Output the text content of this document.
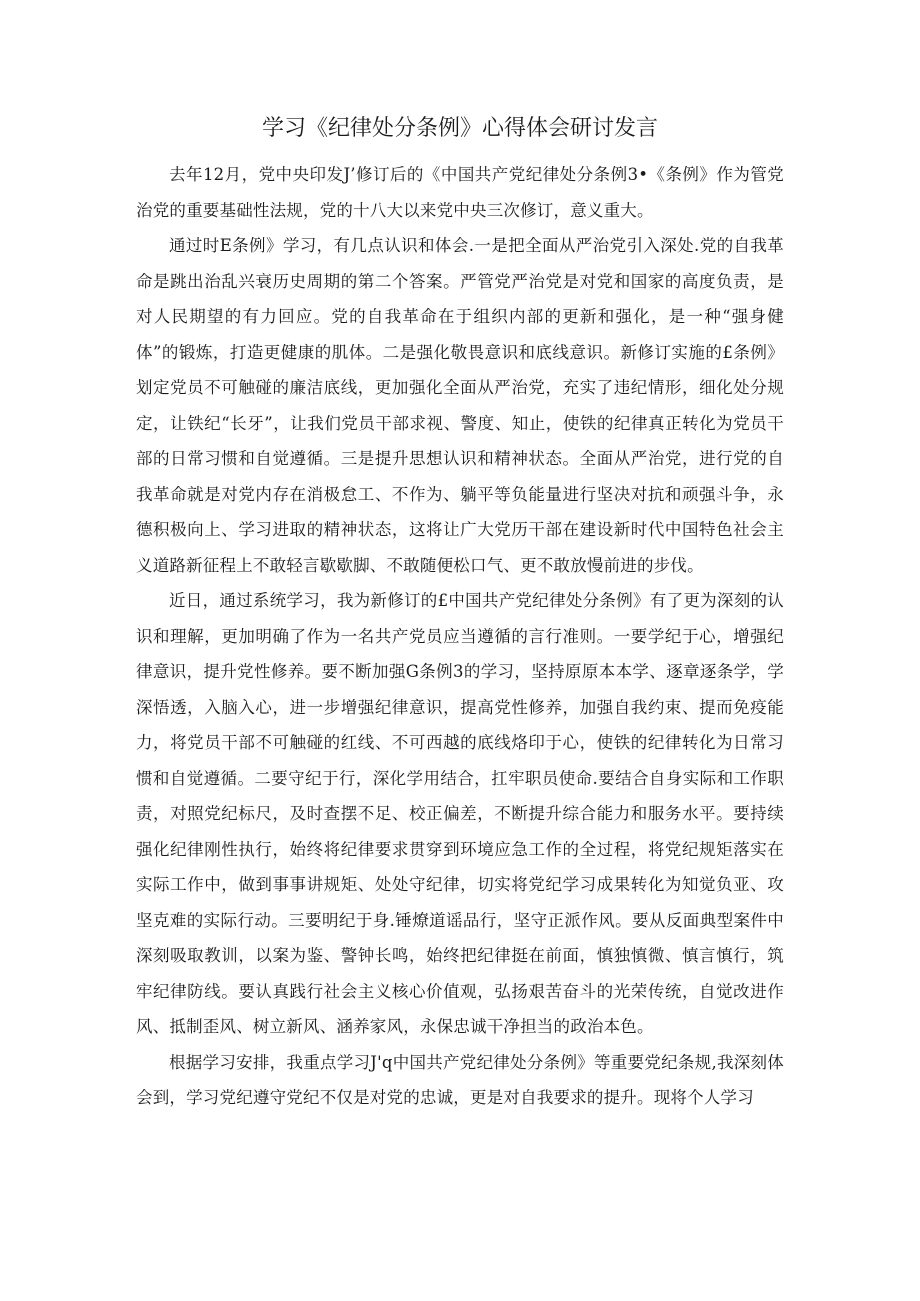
学习《纪律处分条例》心得体会研讨发言

去年12月，党中央印发J’修订后的《中国共产党纪律处分条例3•《条例》作为管党治党的重要基础性法规，党的十八大以来党中央三次修订，意义重大。

通过时E条例》学习，有几点认识和体会.一是把全面从严治党引入深处.党的自我革命是跳出治乱兴衰历史周期的第二个答案。严管党严治党是对党和国家的高度负责，是对人民期望的有力回应。党的自我革命在于组织内部的更新和强化，是一种“强身健体”的锻炼，打造更健康的肌体。二是强化敬畏意识和底线意识。新修订实施的£条例》划定党员不可触碰的廉洁底线，更加强化全面从严治党，充实了违纪情形，细化处分规定，让铁纪“长牙”，让我们党员干部求视、警度、知止，使铁的纪律真正转化为党员干部的日常习惯和自觉遵循。三是提升思想认识和精神状态。全面从严治党，进行党的自我革命就是对党内存在消极怠工、不作为、躺平等负能量进行坚决对抗和顽强斗争，永德积极向上、学习进取的精神状态，这将让广大党历干部在建设新时代中国特色社会主义道路新征程上不敢轻言歇歇脚、不敢随便松口气、更不敢放慢前进的步伐。

近日，通过系统学习，我为新修订的£中国共产党纪律处分条例》有了更为深刻的认识和理解，更加明确了作为一名共产党员应当遵循的言行准则。一要学纪于心，增强纪律意识，提升党性修养。要不断加强G条例3的学习，坚持原原本本学、逐章逐条学，学深悟透，入脑入心，进一步增强纪律意识，提高党性修养，加强自我约束、提而免疫能力，将党员干部不可触碰的红线、不可西越的底线烙印于心，使铁的纪律转化为日常习惯和自觉遵循。二要守纪于行，深化学用结合，扛牢职员使命.要结合自身实际和工作职责，对照党纪标尺，及时查摆不足、校正偏差，不断提升综合能力和服务水平。要持续强化纪律刚性执行，始终将纪律要求贯穿到环境应急工作的全过程，将党纪规矩落实在实际工作中，做到事事讲规矩、处处守纪律，切实将党纪学习成果转化为知觉负亚、攻坚克难的实际行动。三要明纪于身.锤燎道谣品行，坚守正派作风。要从反面典型案件中深刻吸取教训，以案为鉴、警钟长鸣，始终把纪律挺在前面，慎独慎微、慎言慎行，筑牢纪律防线。要认真践行社会主义核心价值观，弘扬艰苦奋斗的光荣传统，自觉改进作风、抵制歪风、树立新风、涵养家风，永保忠诚干净担当的政治本色。

根据学习安排，我重点学习J'q中国共产党纪律处分条例》等重要党纪条规,我深刻体会到，学习党纪遵守党纪不仅是对党的忠诚，更是对自我要求的提升。现将个人学习
